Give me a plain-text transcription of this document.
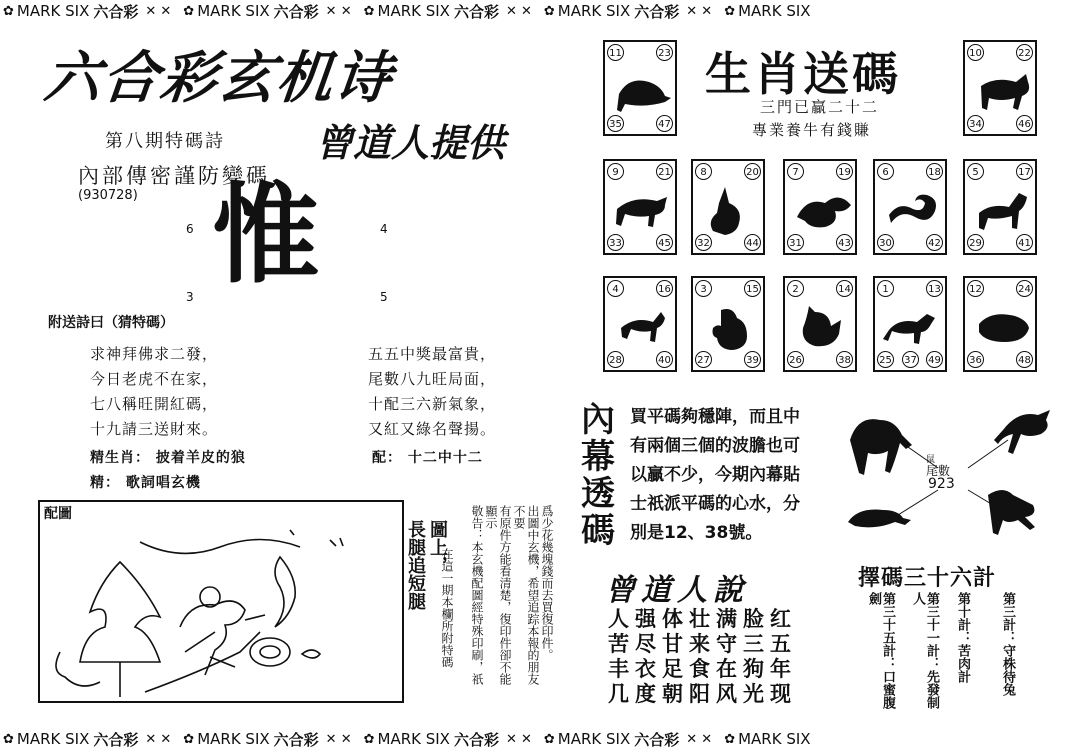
✿ MARK SIX 六合彩 ✕ ✕ ✿ MARK SIX 六合彩 ✕ ✕ ✿ MARK SIX 六合彩 ✕ ✕ ✿ MARK SIX 六合彩 ✕ ✕ ✿ MARK SIX
✿ MARK SIX 六合彩 ✕ ✕ ✿ MARK SIX 六合彩 ✕ ✕ ✿ MARK SIX 六合彩 ✕ ✕ ✿ MARK SIX 六合彩 ✕ ✕ ✿ MARK SIX
六合彩玄机诗
第八期特碼詩 曾道人提供
內部傳密謹防變碼
(930728)
6	4
3	5
惟
附送詩曰（猜特碼）
求神拜佛求二發，
今日老虎不在家，
七八稱旺開紅碼，
十九請三送財來。
五五中獎最富貴，
尾數八九旺局面，
十配三六新氣象，
又紅又綠名聲揚。
精生肖： 披着羊皮的狼
精： 歌詞唱玄機
配： 十二中十二
配圖
圖上，
長腿追短腿	在這一期本欄所附特碼	爲少花幾塊錢而去買復印件。
出圖中玄機，希望追踪本報的朋友不要
有原件方能看清楚，復印件卻不能顯示
敬告：本玄機配圖經特殊印刷，祇
生肖送碼
三門已贏二十二
專業養牛有錢賺
11	23
35	47
10	22
34	46
9	21
33	45
8	20
32	44
7	19
31	43
6	18
30	42
5	17
29	41
4	16
28	40
3	15
27	39
2	14
26	38
1	13
25 37 49
12	24
36	48
內
幕
透
碼
買平碼夠穩陣，而且中
有兩個三個的波膽也可
以贏不少，今期內幕貼
士祇派平碼的心水，分
別是12、38號。
鼠
尾數
923
曾道人說
人强体壮满脸红
苦尽甘来守三五
丰衣足食在狗年
几度朝阳风光现
擇碼三十六計
第三計：守株待兔
第十計：苦肉計
第三十一計：先發制人
第三十五計：口蜜腹劍
